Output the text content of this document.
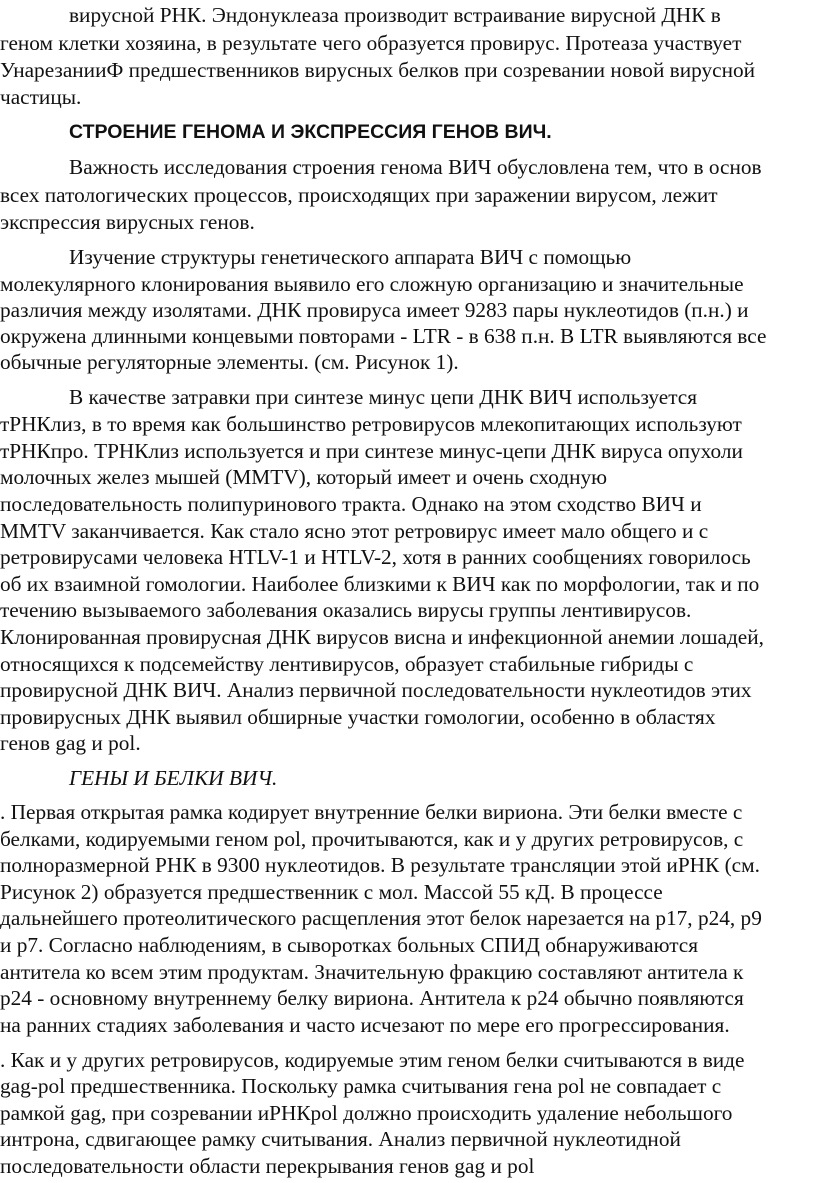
вирусной РНК. Эндонуклеаза производит встраивание вирусной ДНК в
геном клетки хозяина, в результате чего образуется провирус. Протеаза участвует
УнарезанииФ предшественников вирусных белков при созревании новой вирусной
частицы.
СТРОЕНИЕ ГЕНОМА И ЭКСПРЕССИЯ ГЕНОВ ВИЧ.
Важность исследования строения генома ВИЧ обусловлена тем, что в основ
всех патологических процессов, происходящих при заражении вирусом, лежит
экспрессия вирусных генов.
Изучение структуры генетического аппарата ВИЧ с помощью
молекулярного клонирования выявило его сложную организацию и значительные
различия между изолятами. ДНК провируса имеет 9283 пары нуклеотидов (п.н.) и
окружена длинными концевыми повторами - LTR - в 638 п.н. В LTR выявляются все
обычные регуляторные элементы. (см. Рисунок 1).
В качестве затравки при синтезе минус цепи ДНК ВИЧ используется
тРНКлиз, в то время как большинство ретровирусов млекопитающих используют
тРНКпро. ТРНКлиз используется и при синтезе минус-цепи ДНК вируса опухоли
молочных желез мышей (MMTV), который имеет и очень сходную
последовательность полипуринового тракта. Однако на этом сходство ВИЧ и
MMTV заканчивается. Как стало ясно этот ретровирус имеет мало общего и с
ретровирусами человека HTLV-1 и HTLV-2, хотя в ранних сообщениях говорилось
об их взаимной гомологии. Наиболее близкими к ВИЧ как по морфологии, так и по
течению вызываемого заболевания оказались вирусы группы лентивирусов.
Клонированная провирусная ДНК вирусов висна и инфекционной анемии лошадей,
относящихся к подсемейству лентивирусов, образует стабильные гибриды с
провирусной ДНК ВИЧ. Анализ первичной последовательности нуклеотидов этих
провирусных ДНК выявил обширные участки гомологии, особенно в областях
генов gag и pol.
ГЕНЫ И БЕЛКИ ВИЧ.
. Первая открытая рамка кодирует внутренние белки вириона. Эти белки вместе с
белками, кодируемыми геном pol, прочитываются, как и у других ретровирусов, с
полноразмерной РНК в 9300 нуклеотидов. В результате трансляции этой иРНК (см.
Рисунок 2) образуется предшественник с мол. Массой 55 кД. В процессе
дальнейшего протеолитического расщепления этот белок нарезается на р17, р24, р9
и р7. Согласно наблюдениям, в сыворотках больных СПИД обнаруживаются
антитела ко всем этим продуктам. Значительную фракцию составляют антитела к
р24 - основному внутреннему белку вириона. Антитела к р24 обычно появляются
на ранних стадиях заболевания и часто исчезают по мере его прогрессирования.
. Как и у других ретровирусов, кодируемые этим геном белки считываются в виде
gag-pol предшественника. Поскольку рамка считывания гена pol не совпадает с
рамкой gag, при созревании иРНКpol должно происходить удаление небольшого
интрона, сдвигающее рамку считывания. Анализ первичной нуклеотидной
последовательности области перекрывания генов gag и pol
